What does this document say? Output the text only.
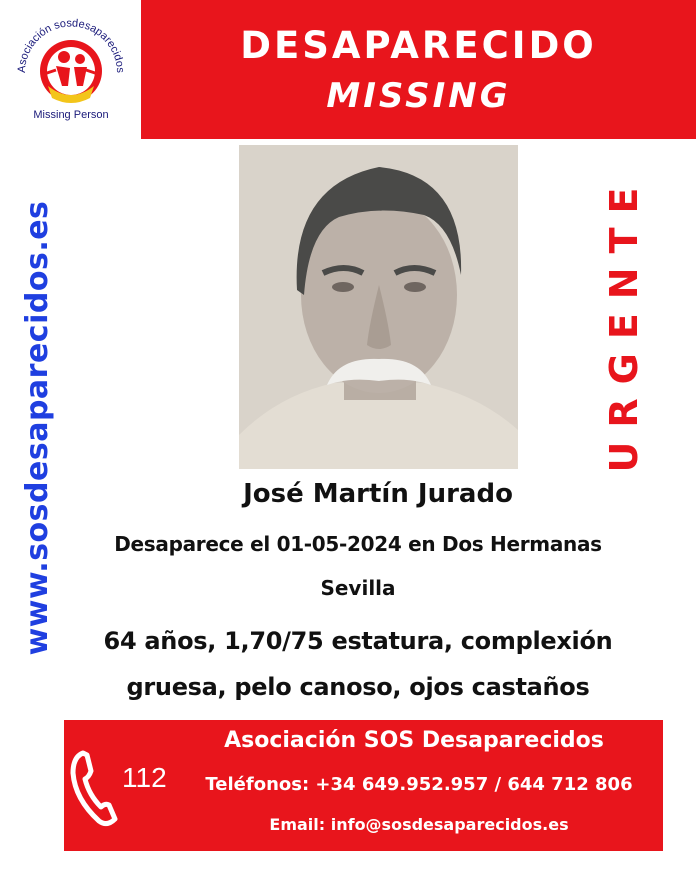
Asociación sosdesaparecidos
Missing Person
DESAPARECIDO
MISSING
www.sosdesaparecidos.es	URGENTE
José Martín Jurado
Desaparece el 01-05-2024 en Dos Hermanas
Sevilla
64 años, 1,70/75 estatura, complexión
gruesa, pelo canoso, ojos castaños
112
Asociación SOS Desaparecidos
Teléfonos: +34 649.952.957 / 644 712 806
Email: info@sosdesaparecidos.es
